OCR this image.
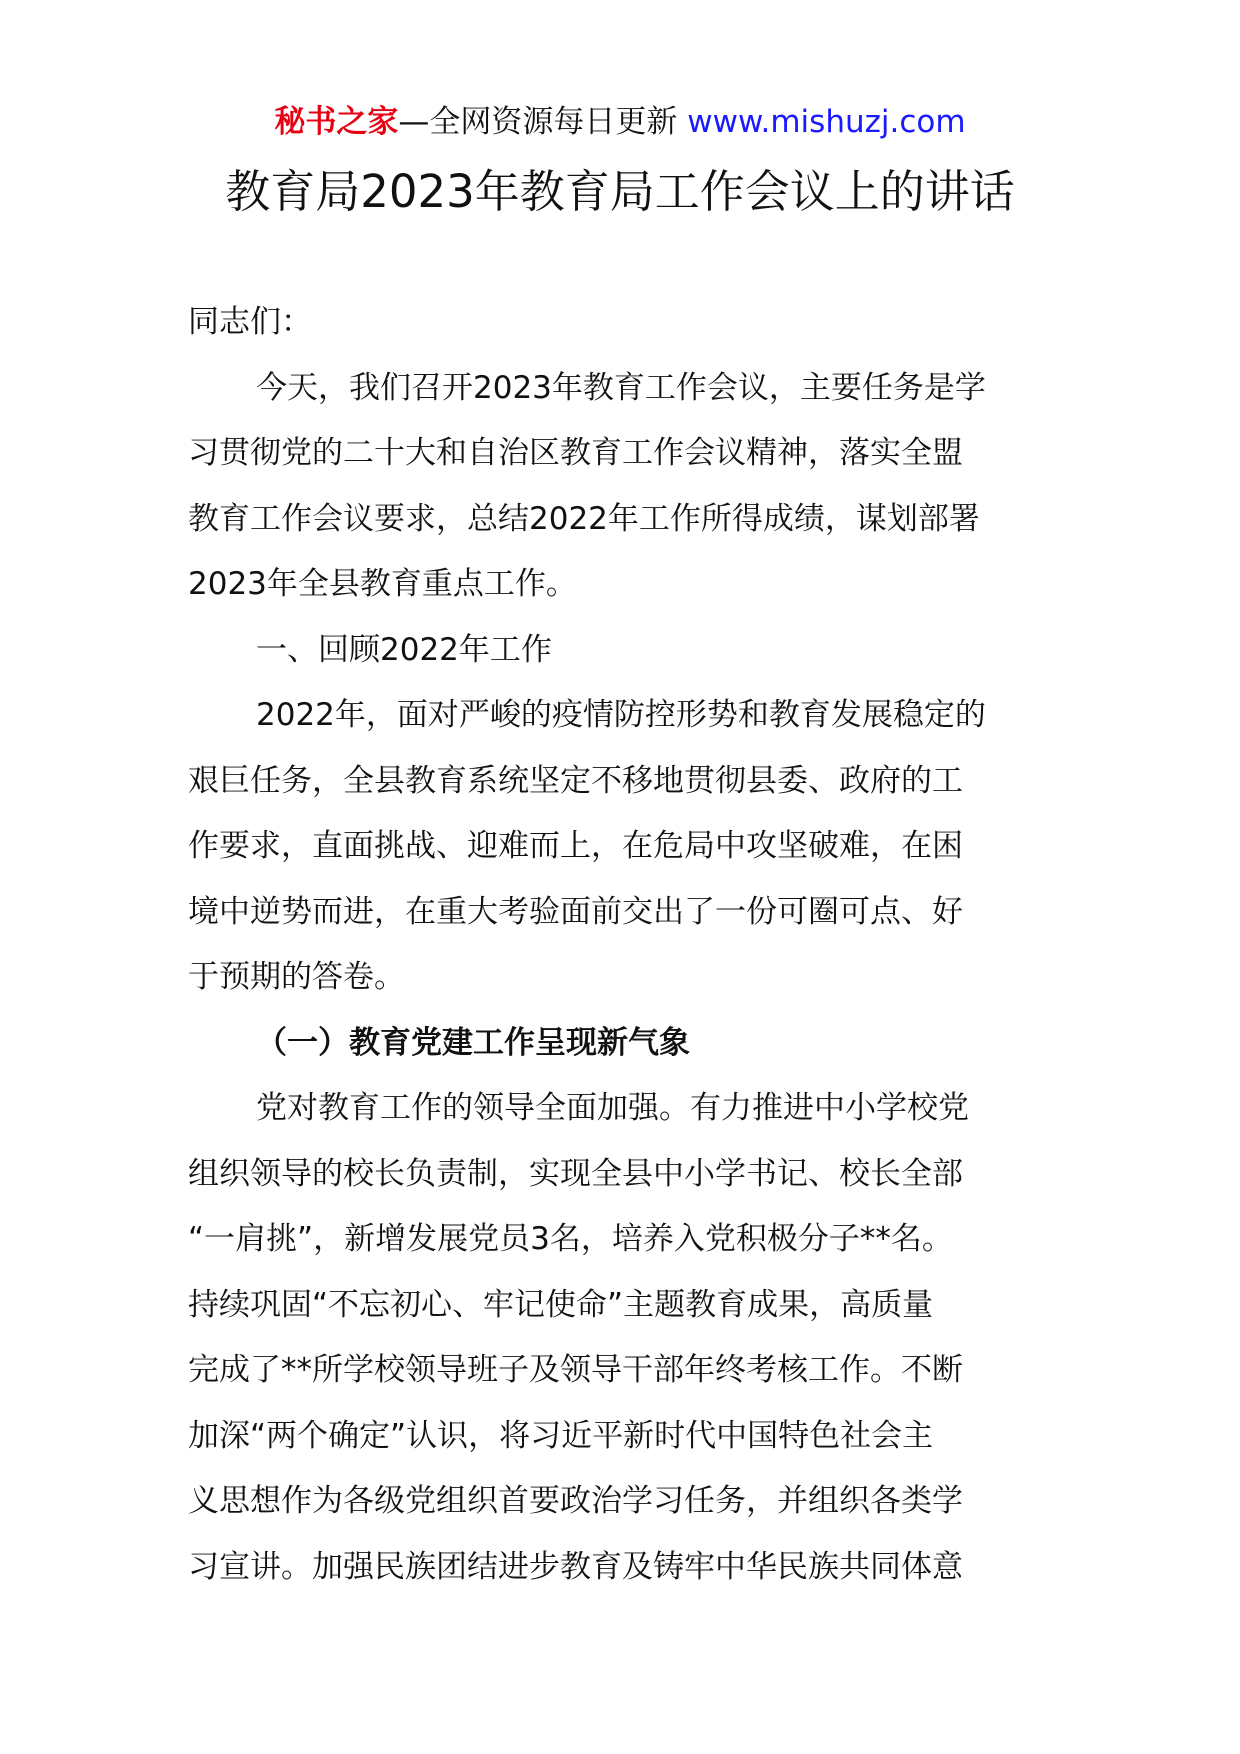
秘书之家—全网资源每日更新 www.mishuzj.com
教育局2023年教育局工作会议上的讲话
同志们：
今天，我们召开2023年教育工作会议，主要任务是学
习贯彻党的二十大和自治区教育工作会议精神，落实全盟
教育工作会议要求，总结2022年工作所得成绩，谋划部署
2023年全县教育重点工作。
一、回顾2022年工作
2022年，面对严峻的疫情防控形势和教育发展稳定的
艰巨任务，全县教育系统坚定不移地贯彻县委、政府的工
作要求，直面挑战、迎难而上，在危局中攻坚破难，在困
境中逆势而进，在重大考验面前交出了一份可圈可点、好
于预期的答卷。
（一）教育党建工作呈现新气象
党对教育工作的领导全面加强。有力推进中小学校党
组织领导的校长负责制，实现全县中小学书记、校长全部
“一肩挑”，新增发展党员3名，培养入党积极分子**名。
持续巩固“不忘初心、牢记使命”主题教育成果，高质量
完成了**所学校领导班子及领导干部年终考核工作。不断
加深“两个确定”认识，将习近平新时代中国特色社会主
义思想作为各级党组织首要政治学习任务，并组织各类学
习宣讲。加强民族团结进步教育及铸牢中华民族共同体意
